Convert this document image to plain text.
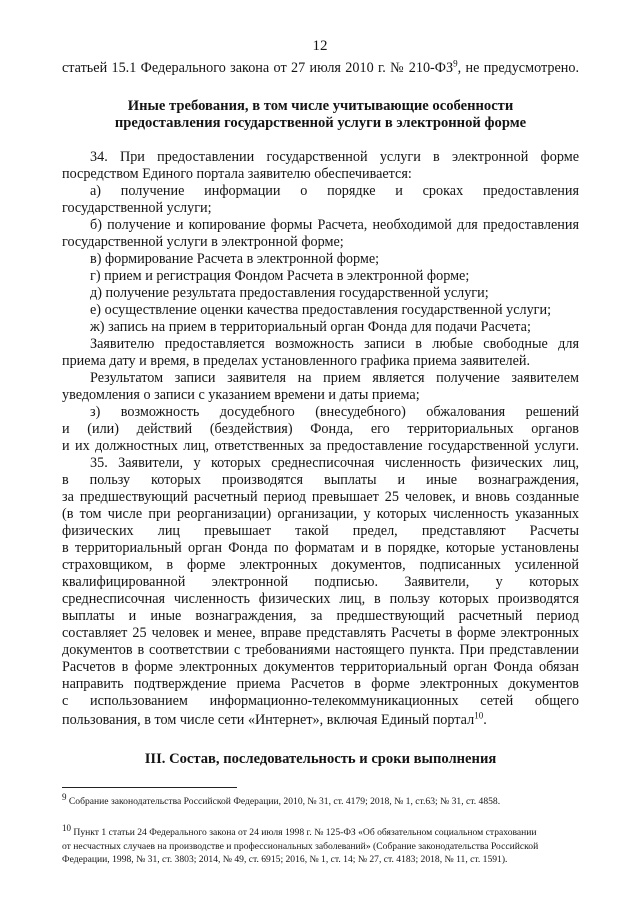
12
статьей 15.1 Федерального закона от 27 июля 2010 г. № $210-ФЗ^9$, не предусмотрено.
Иные требования, в том числе учитывающие особенности
предоставления государственной услуги в электронной форме
34. При предоставлении государственной услуги в электронной форме
посредством Единого портала заявителю обеспечивается:
а) получение информации о порядке и сроках предоставления
государственной услуги;
б) получение и копирование формы Расчета, необходимой для предоставления
государственной услуги в электронной форме;
в) формирование Расчета в электронной форме;
г) прием и регистрация Фондом Расчета в электронной форме;
д) получение результата предоставления государственной услуги;
е) осуществление оценки качества предоставления государственной услуги;
ж) запись на прием в территориальный орган Фонда для подачи Расчета;
Заявителю предоставляется возможность записи в любые свободные для
приема дату и время, в пределах установленного графика приема заявителей.
Результатом записи заявителя на прием является получение заявителем
уведомления о записи с указанием времени и даты приема;
з) возможность досудебного (внесудебного) обжалования решений
и (или) действий (бездействия) Фонда, его территориальных органов
и их должностных лиц, ответственных за предоставление государственной услуги.
35. Заявители, у которых среднесписочная численность физических лиц,
в пользу которых производятся выплаты и иные вознаграждения,
за предшествующий расчетный период превышает 25 человек, и вновь созданные
(в том числе при реорганизации) организации, у которых численность указанных
физических лиц превышает такой предел, представляют Расчеты
в территориальный орган Фонда по форматам и в порядке, которые установлены
страховщиком, в форме электронных документов, подписанных усиленной
квалифицированной электронной подписью. Заявители, у которых
среднесписочная численность физических лиц, в пользу которых производятся
выплаты и иные вознаграждения, за предшествующий расчетный период
составляет 25 человек и менее, вправе представлять Расчеты в форме электронных
документов в соответствии с требованиями настоящего пункта. При представлении
Расчетов в форме электронных документов территориальный орган Фонда обязан
направить подтверждение приема Расчетов в форме электронных документов
с использованием информационно-телекоммуникационных сетей общего
пользования, в том числе сети «Интернет», включая Единый портал$^{10}$.
III. Состав, последовательность и сроки выполнения
$^9$ Собрание законодательства Российской Федерации, 2010, № 31, ст. 4179; 2018, № 1, ст.63; № 31, ст. 4858.
$^{10}$ Пункт 1 статьи 24 Федерального закона от 24 июля 1998 г. № 125-ФЗ «Об обязательном социальном страховании
от несчастных случаев на производстве и профессиональных заболеваний» (Собрание законодательства Российской
Федерации, 1998, № 31, ст. 3803; 2014, № 49, ст. 6915; 2016, № 1, ст. 14; № 27, ст. 4183; 2018, № 11, ст. 1591).
